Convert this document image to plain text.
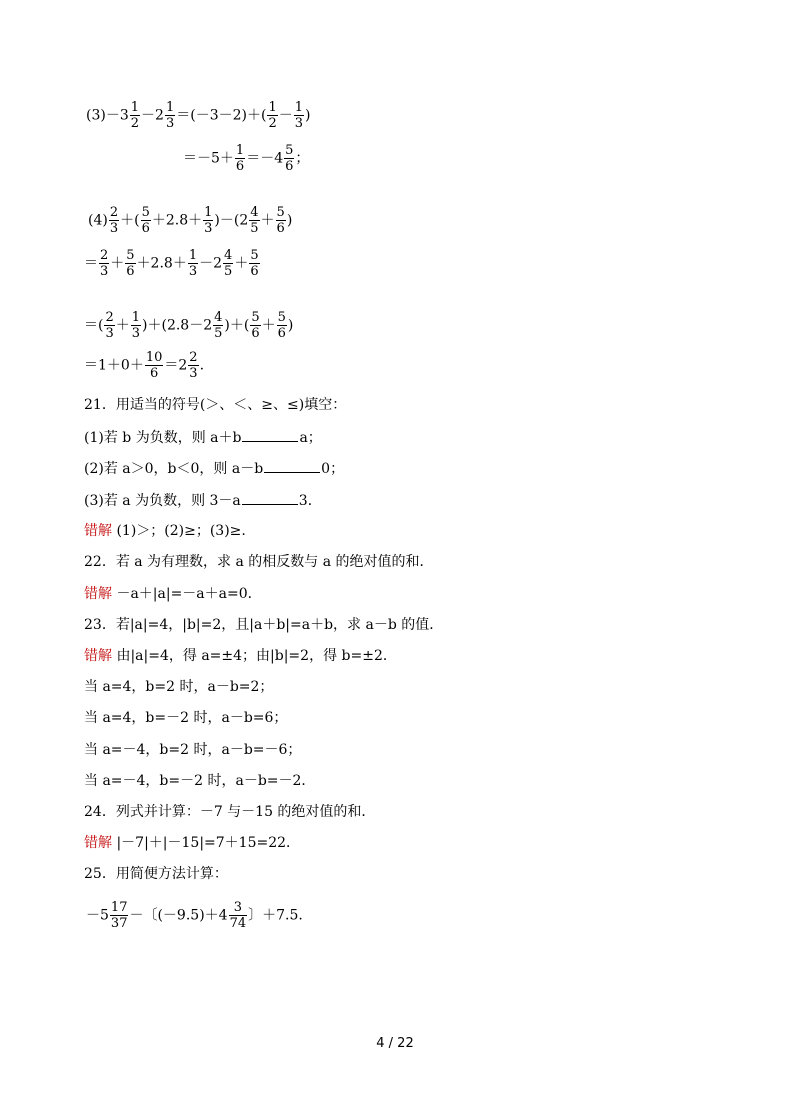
$(3)-3 \frac{1}{2} -2 \frac{1}{3} =(-3-2)+( \frac{1}{2} - \frac{1}{3}$ )
$=-5+ \frac{1}{6} =-4 \frac{5}{6}$ ；
$(4) \frac{2}{3}$ ＋( $\frac{5}{6} +2.8+ \frac{1}{3} )-(2 \frac{4}{5} + \frac{5}{6}$ )
＝ $\frac{2}{3} + \frac{5}{6} +2.8+ \frac{1}{3} -2 \frac{4}{5} + \frac{5}{6}$
＝( $\frac{2}{3} + \frac{1}{3} )+(2.8-2 \frac{4}{5}$ )＋( $\frac{5}{6} + \frac{5}{6}$ )
$=1+0+ \frac{10}{6} =2 \frac{2}{3}$ .
21．用适当的符号(＞、＜、≥、≤)填空：
(1)若 b 为负数，则 a＋b	a；
(2)若 a＞0，b＜0，则 a－b	0；
(3)若 a 为负数，则 3－a	3．
错解 (1)＞；(2)≥；(3)≥.
22．若 a 为有理数，求 a 的相反数与 a 的绝对值的和．
错解 －a＋|a|=－a＋a=0．
23．若|a|=4，|b|=2，且|a＋b|=a＋b，求 a－b 的值．
错解 由|a|=4，得 a=±4；由|b|=2，得 b=±2．
当 a=4，b=2 时，a－b=2；
当 a=4，b=－2 时，a－b=6；
当 a=－4，b=2 时，a－b=－6；
当 a=－4，b=－2 时，a－b=－2．
24．列式并计算：－7 与－15 的绝对值的和．
错解 |－7|＋|－15|=7＋15=22．
25．用简便方法计算：
$-5 \frac{17}{37}$ －〔$(-9.5)+4 \frac{3}{74}$ 〕＋7.5.
4 / 22
